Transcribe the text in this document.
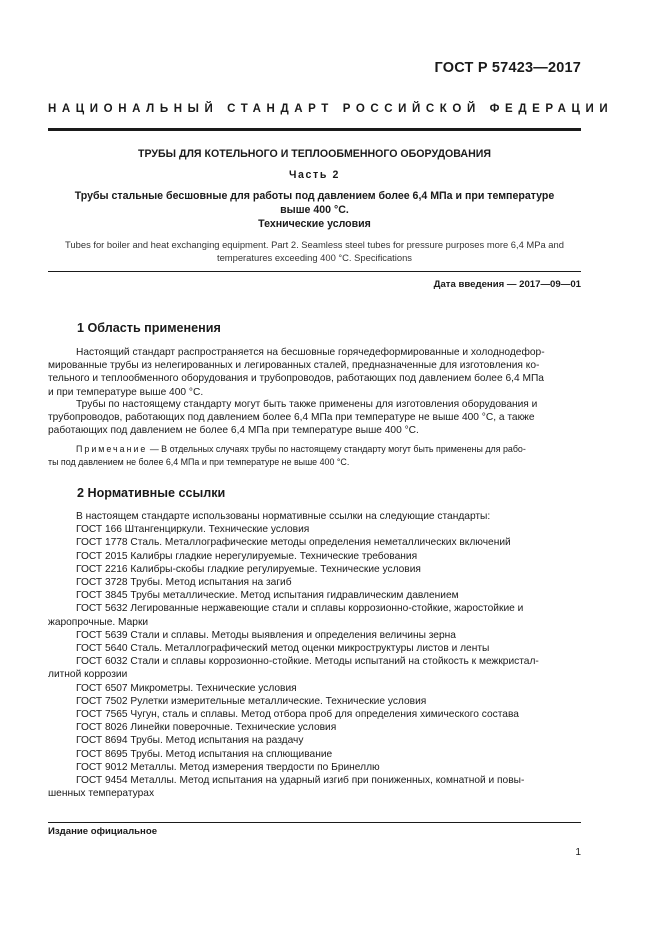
ГОСТ Р 57423—2017
НАЦИОНАЛЬНЫЙ СТАНДАРТ РОССИЙСКОЙ ФЕДЕРАЦИИ
ТРУБЫ ДЛЯ КОТЕЛЬНОГО И ТЕПЛООБМЕННОГО ОБОРУДОВАНИЯ
Часть 2
Трубы стальные бесшовные для работы под давлением более 6,4 МПа и при температуре
выше 400 °C.
Технические условия
Tubes for boiler and heat exchanging equipment. Part 2. Seamless steel tubes for pressure purposes more 6,4 MPa and
temperatures exceeding 400 °C. Specifications
Дата введения — 2017—09—01
1 Область применения
Настоящий стандарт распространяется на бесшовные горячедеформированные и холоднодефор-
мированные трубы из нелегированных и легированных сталей, предназначенные для изготовления ко-
тельного и теплообменного оборудования и трубопроводов, работающих под давлением более 6,4 МПа
и при температуре выше 400 °C.
Трубы по настоящему стандарту могут быть также применены для изготовления оборудования и
трубопроводов, работающих под давлением более 6,4 МПа при температуре не выше 400 °C, а также
работающих под давлением не более 6,4 МПа при температуре выше 400 °C.
Примечание — В отдельных случаях трубы по настоящему стандарту могут быть применены для рабо-
ты под давлением не более 6,4 МПа и при температуре не выше 400 °C.
2 Нормативные ссылки
В настоящем стандарте использованы нормативные ссылки на следующие стандарты:
ГОСТ 166 Штангенциркули. Технические условия
ГОСТ 1778 Сталь. Металлографические методы определения неметаллических включений
ГОСТ 2015 Калибры гладкие нерегулируемые. Технические требования
ГОСТ 2216 Калибры-скобы гладкие регулируемые. Технические условия
ГОСТ 3728 Трубы. Метод испытания на загиб
ГОСТ 3845 Трубы металлические. Метод испытания гидравлическим давлением
ГОСТ 5632 Легированные нержавеющие стали и сплавы коррозионно-стойкие, жаростойкие и
жаропрочные. Марки
ГОСТ 5639 Стали и сплавы. Методы выявления и определения величины зерна
ГОСТ 5640 Сталь. Металлографический метод оценки микроструктуры листов и ленты
ГОСТ 6032 Стали и сплавы коррозионно-стойкие. Методы испытаний на стойкость к межкристал-
литной коррозии
ГОСТ 6507 Микрометры. Технические условия
ГОСТ 7502 Рулетки измерительные металлические. Технические условия
ГОСТ 7565 Чугун, сталь и сплавы. Метод отбора проб для определения химического состава
ГОСТ 8026 Линейки поверочные. Технические условия
ГОСТ 8694 Трубы. Метод испытания на раздачу
ГОСТ 8695 Трубы. Метод испытания на сплющивание
ГОСТ 9012 Металлы. Метод измерения твердости по Бринеллю
ГОСТ 9454 Металлы. Метод испытания на ударный изгиб при пониженных, комнатной и повы-
шенных температурах
Издание официальное
1
